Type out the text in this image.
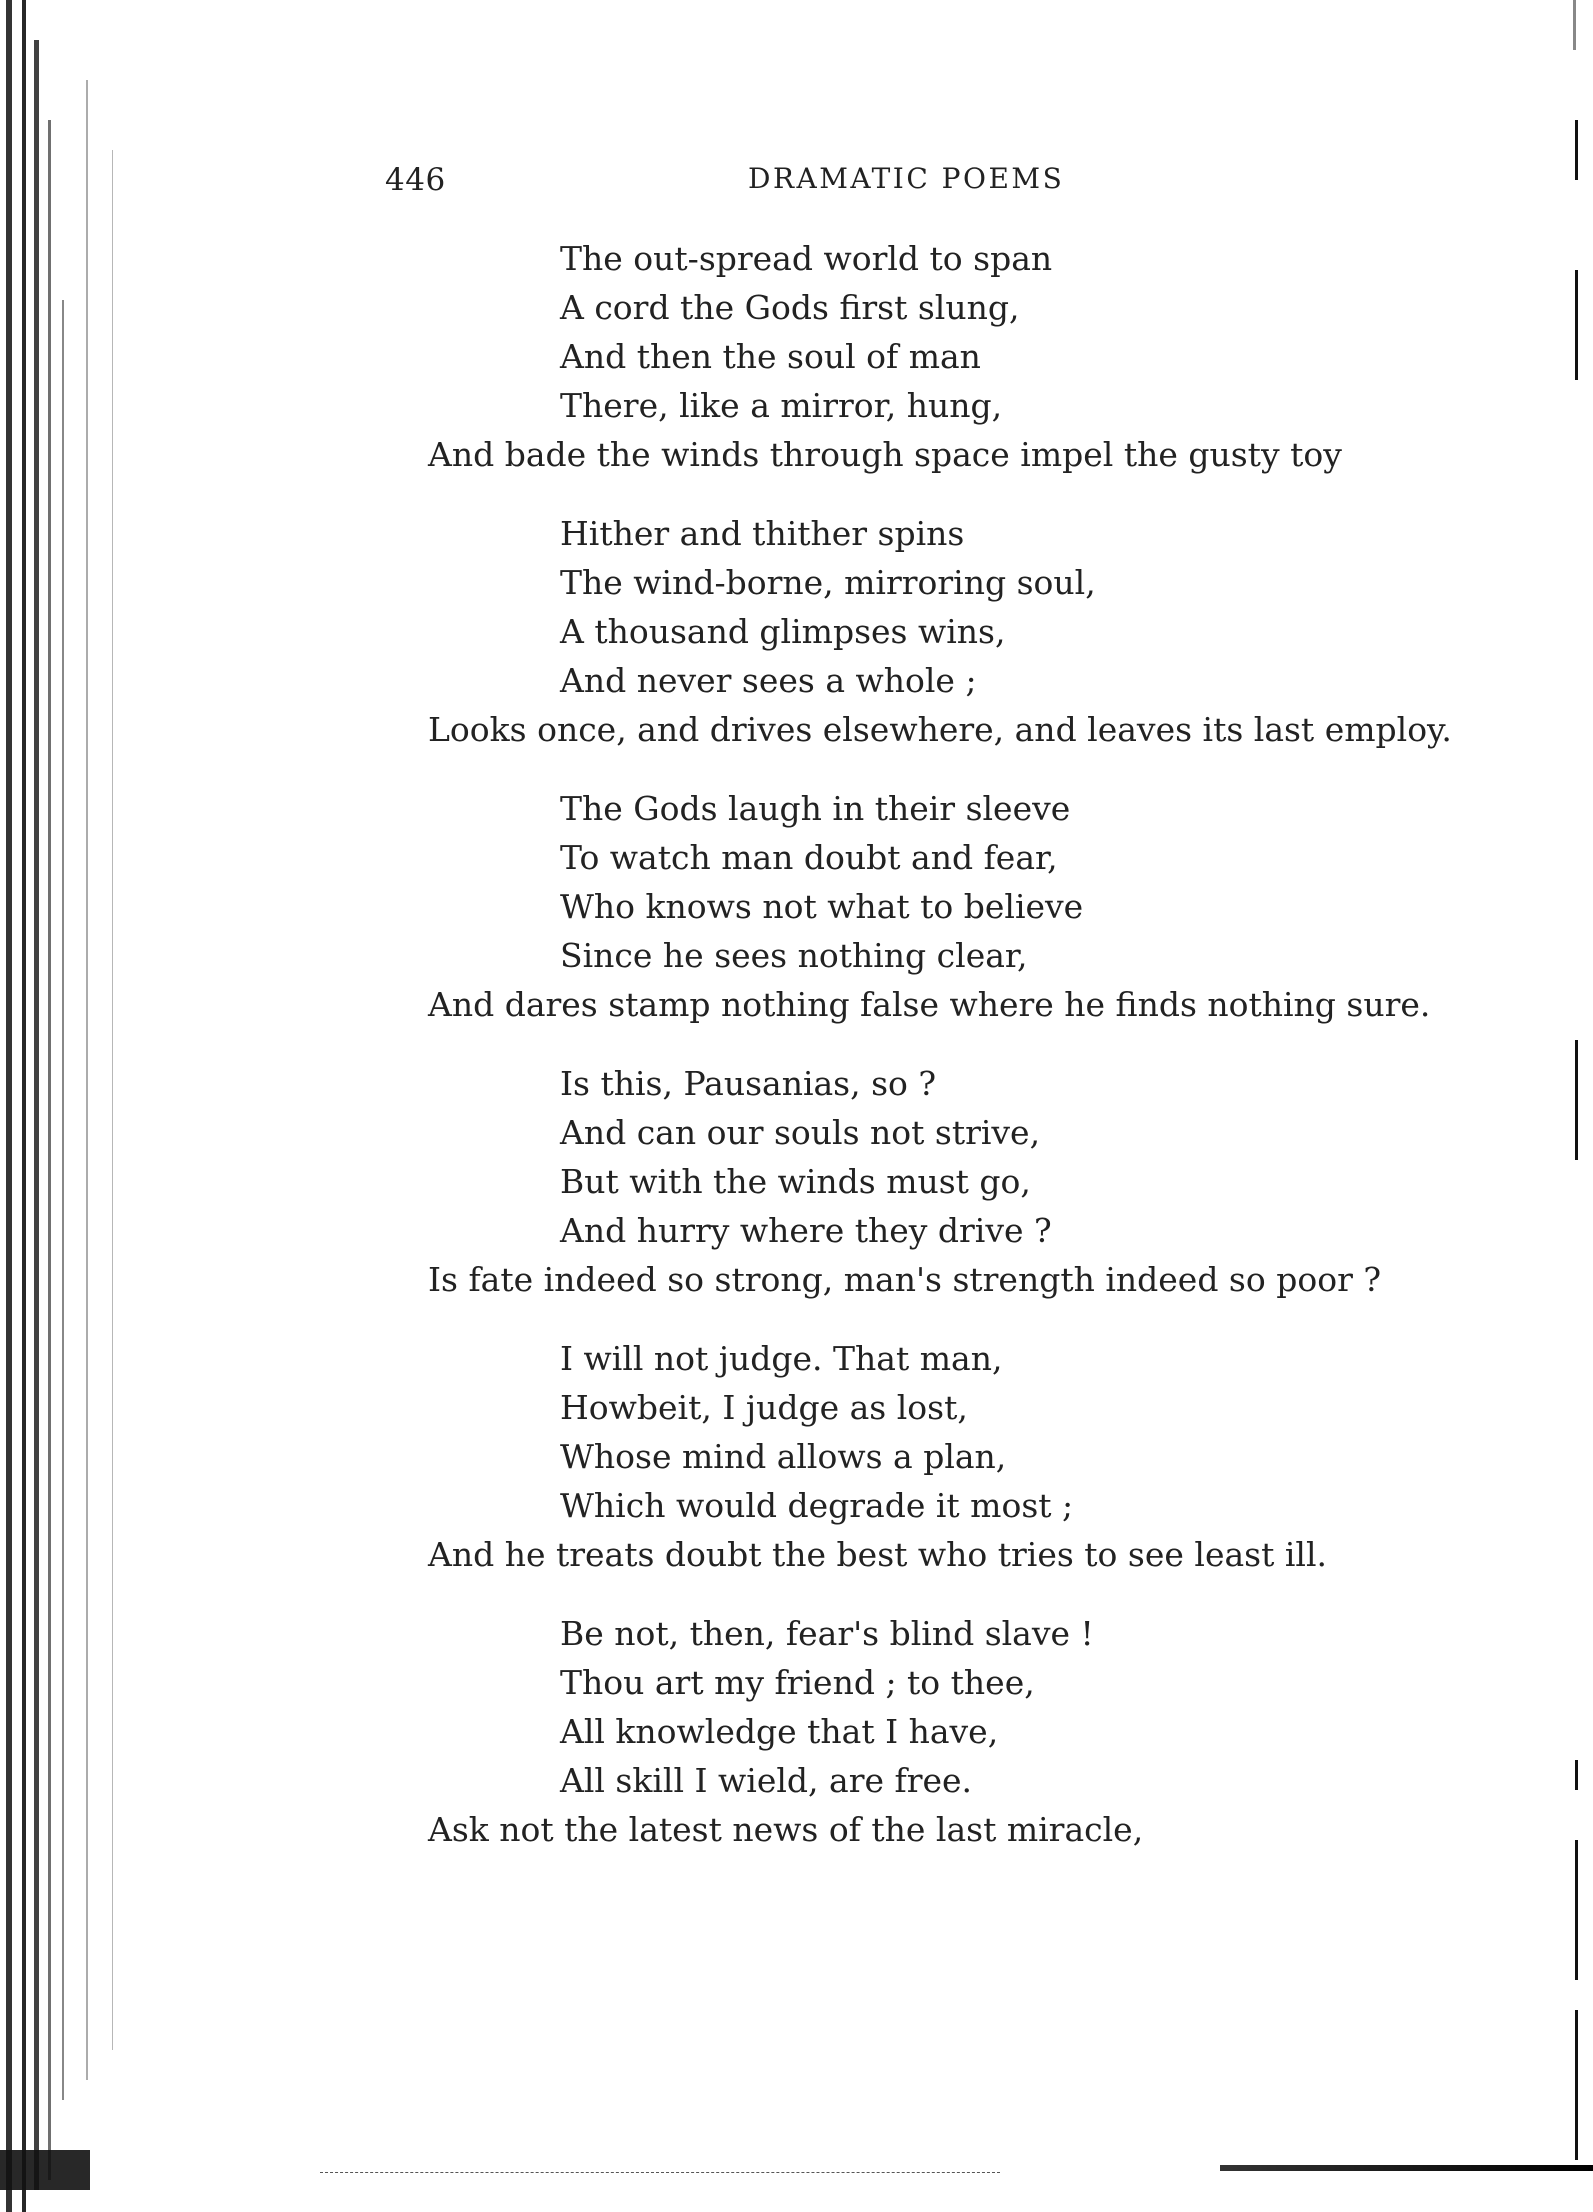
446	DRAMATIC POEMS
The out-spread world to span
A cord the Gods first slung,
And then the soul of man
There, like a mirror, hung,
And bade the winds through space impel the gusty toy
Hither and thither spins
The wind-borne, mirroring soul,
A thousand glimpses wins,
And never sees a whole ;
Looks once, and drives elsewhere, and leaves its last employ.
The Gods laugh in their sleeve
To watch man doubt and fear,
Who knows not what to believe
Since he sees nothing clear,
And dares stamp nothing false where he finds nothing sure.
Is this, Pausanias, so ?
And can our souls not strive,
But with the winds must go,
And hurry where they drive ?
Is fate indeed so strong, man's strength indeed so poor ?
I will not judge. That man,
Howbeit, I judge as lost,
Whose mind allows a plan,
Which would degrade it most ;
And he treats doubt the best who tries to see least ill.
Be not, then, fear's blind slave !
Thou art my friend ; to thee,
All knowledge that I have,
All skill I wield, are free.
Ask not the latest news of the last miracle,
